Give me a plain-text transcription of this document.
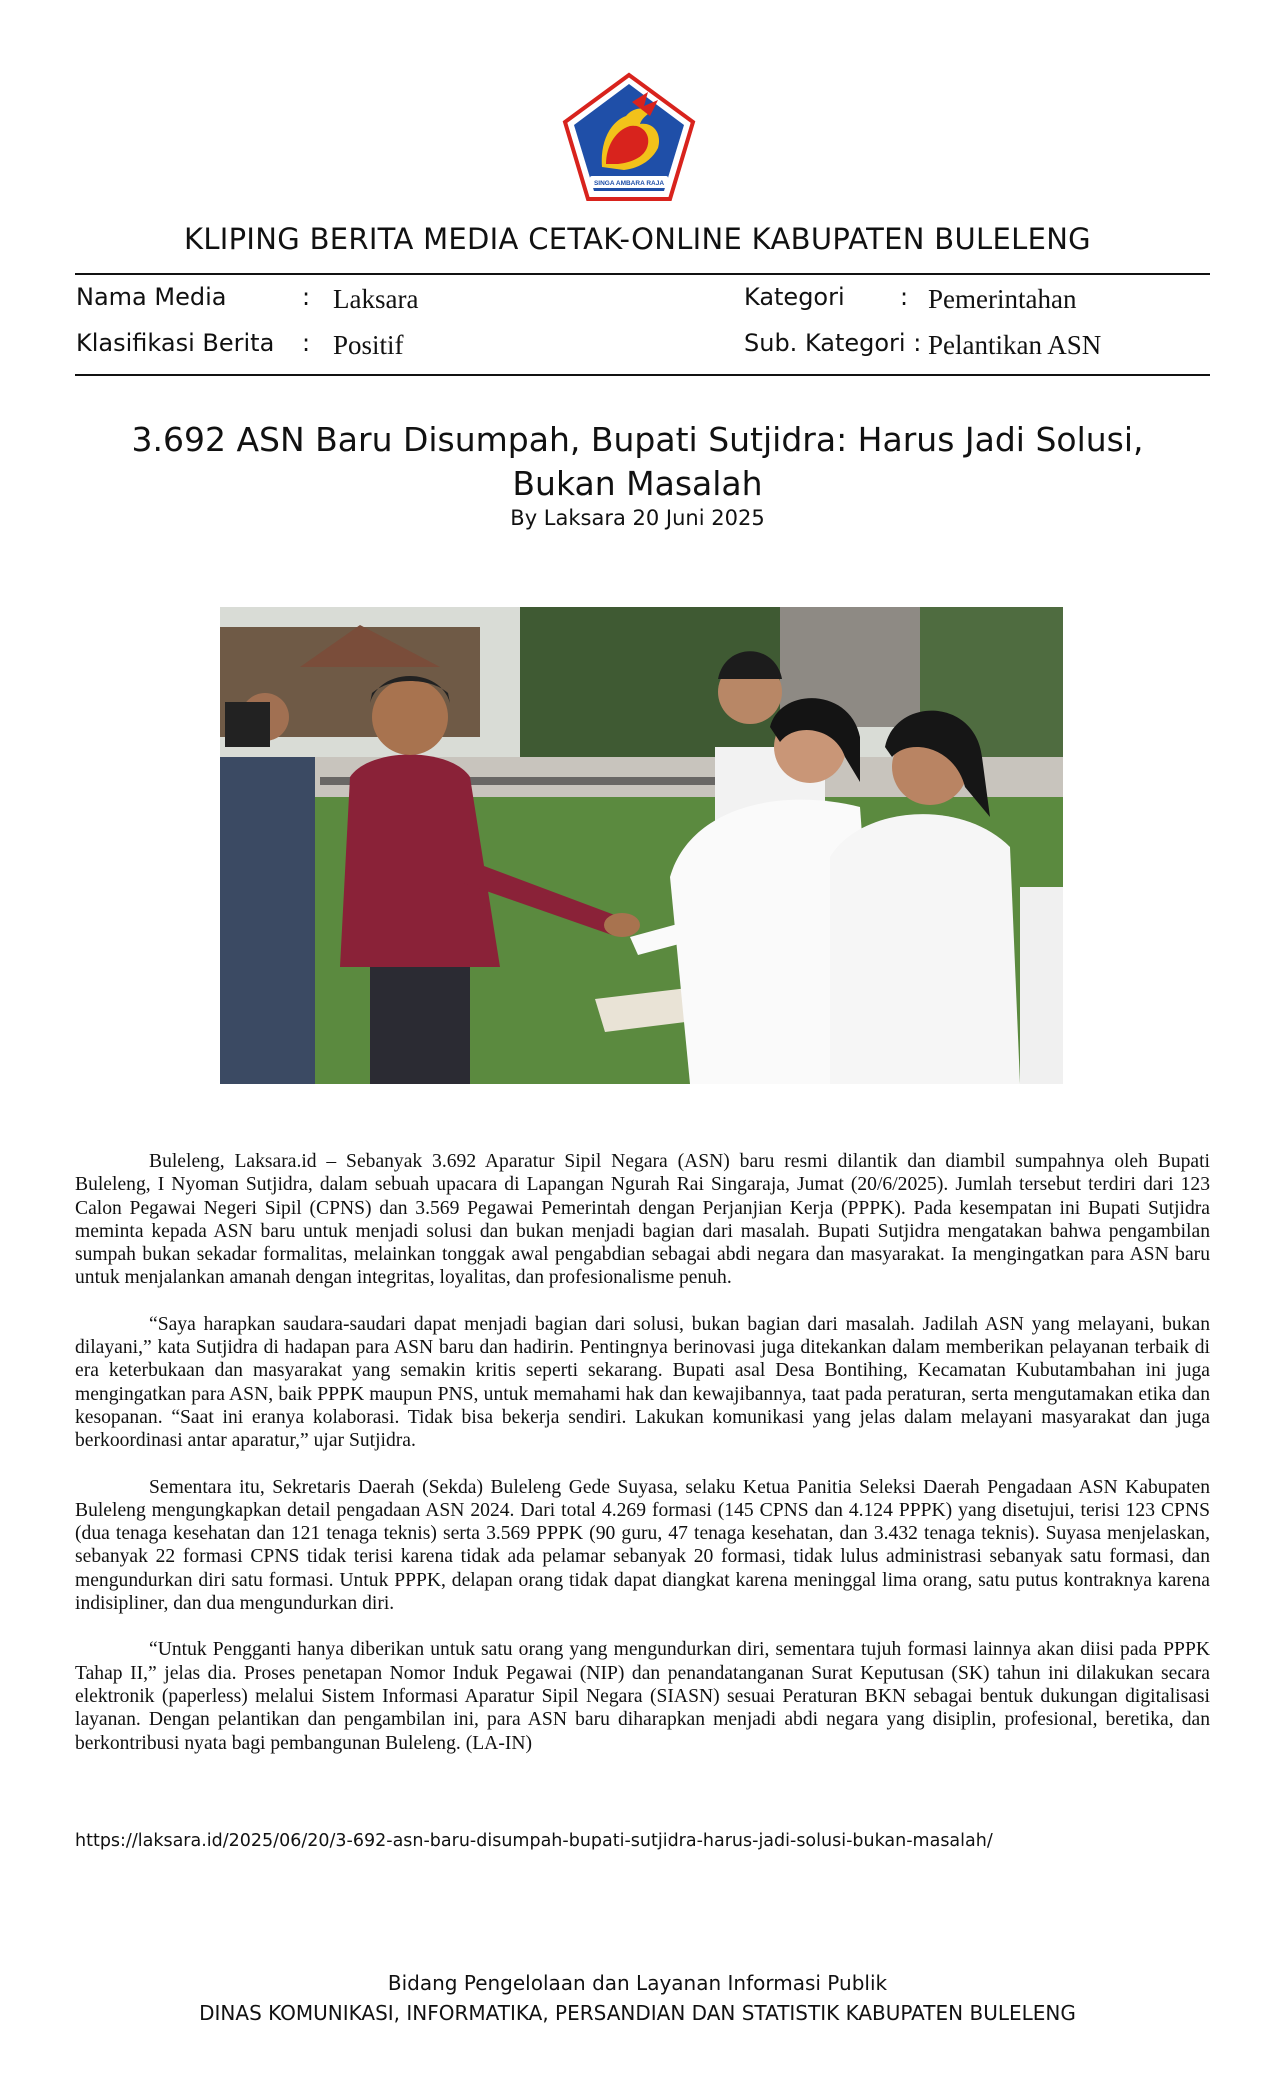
SINGA AMBARA RAJA
KLIPING BERITA MEDIA CETAK-ONLINE KABUPATEN BULELENG
Nama Media	: Laksara
Klasifikasi Berita : Positif
Kategori : Pemerintahan
Sub. Kategori : Pelantikan ASN
3.692 ASN Baru Disumpah, Bupati Sutjidra: Harus Jadi Solusi,
Bukan Masalah
By Laksara 20 Juni 2025

Buleleng, Laksara.id – Sebanyak 3.692 Aparatur Sipil Negara (ASN) baru resmi dilantik dan diambil sumpahnya oleh Bupati Buleleng, I Nyoman Sutjidra, dalam sebuah upacara di Lapangan Ngurah Rai Singaraja, Jumat (20/6/2025). Jumlah tersebut terdiri dari 123 Calon Pegawai Negeri Sipil (CPNS) dan 3.569 Pegawai Pemerintah dengan Perjanjian Kerja (PPPK). Pada kesempatan ini Bupati Sutjidra meminta kepada ASN baru untuk menjadi solusi dan bukan menjadi bagian dari masalah. Bupati Sutjidra mengatakan bahwa pengambilan sumpah bukan sekadar formalitas, melainkan tonggak awal pengabdian sebagai abdi negara dan masyarakat. Ia mengingatkan para ASN baru untuk menjalankan amanah dengan integritas, loyalitas, dan profesionalisme penuh.

“Saya harapkan saudara-saudari dapat menjadi bagian dari solusi, bukan bagian dari masalah. Jadilah ASN yang melayani, bukan dilayani,” kata Sutjidra di hadapan para ASN baru dan hadirin. Pentingnya berinovasi juga ditekankan dalam memberikan pelayanan terbaik di era keterbukaan dan masyarakat yang semakin kritis seperti sekarang. Bupati asal Desa Bontihing, Kecamatan Kubutambahan ini juga mengingatkan para ASN, baik PPPK maupun PNS, untuk memahami hak dan kewajibannya, taat pada peraturan, serta mengutamakan etika dan kesopanan. “Saat ini eranya kolaborasi. Tidak bisa bekerja sendiri. Lakukan komunikasi yang jelas dalam melayani masyarakat dan juga berkoordinasi antar aparatur,” ujar Sutjidra.

Sementara itu, Sekretaris Daerah (Sekda) Buleleng Gede Suyasa, selaku Ketua Panitia Seleksi Daerah Pengadaan ASN Kabupaten Buleleng mengungkapkan detail pengadaan ASN 2024. Dari total 4.269 formasi (145 CPNS dan 4.124 PPPK) yang disetujui, terisi 123 CPNS (dua tenaga kesehatan dan 121 tenaga teknis) serta 3.569 PPPK (90 guru, 47 tenaga kesehatan, dan 3.432 tenaga teknis). Suyasa menjelaskan, sebanyak 22 formasi CPNS tidak terisi karena tidak ada pelamar sebanyak 20 formasi, tidak lulus administrasi sebanyak satu formasi, dan mengundurkan diri satu formasi. Untuk PPPK, delapan orang tidak dapat diangkat karena meninggal lima orang, satu putus kontraknya karena indisipliner, dan dua mengundurkan diri.

“Untuk Pengganti hanya diberikan untuk satu orang yang mengundurkan diri, sementara tujuh formasi lainnya akan diisi pada PPPK Tahap II,” jelas dia. Proses penetapan Nomor Induk Pegawai (NIP) dan penandatanganan Surat Keputusan (SK) tahun ini dilakukan secara elektronik (paperless) melalui Sistem Informasi Aparatur Sipil Negara (SIASN) sesuai Peraturan BKN sebagai bentuk dukungan digitalisasi layanan. Dengan pelantikan dan pengambilan ini, para ASN baru diharapkan menjadi abdi negara yang disiplin, profesional, beretika, dan berkontribusi nyata bagi pembangunan Buleleng. (LA-IN)

https://laksara.id/2025/06/20/3-692-asn-baru-disumpah-bupati-sutjidra-harus-jadi-solusi-bukan-masalah/
Bidang Pengelolaan dan Layanan Informasi Publik
DINAS KOMUNIKASI, INFORMATIKA, PERSANDIAN DAN STATISTIK KABUPATEN BULELENG
